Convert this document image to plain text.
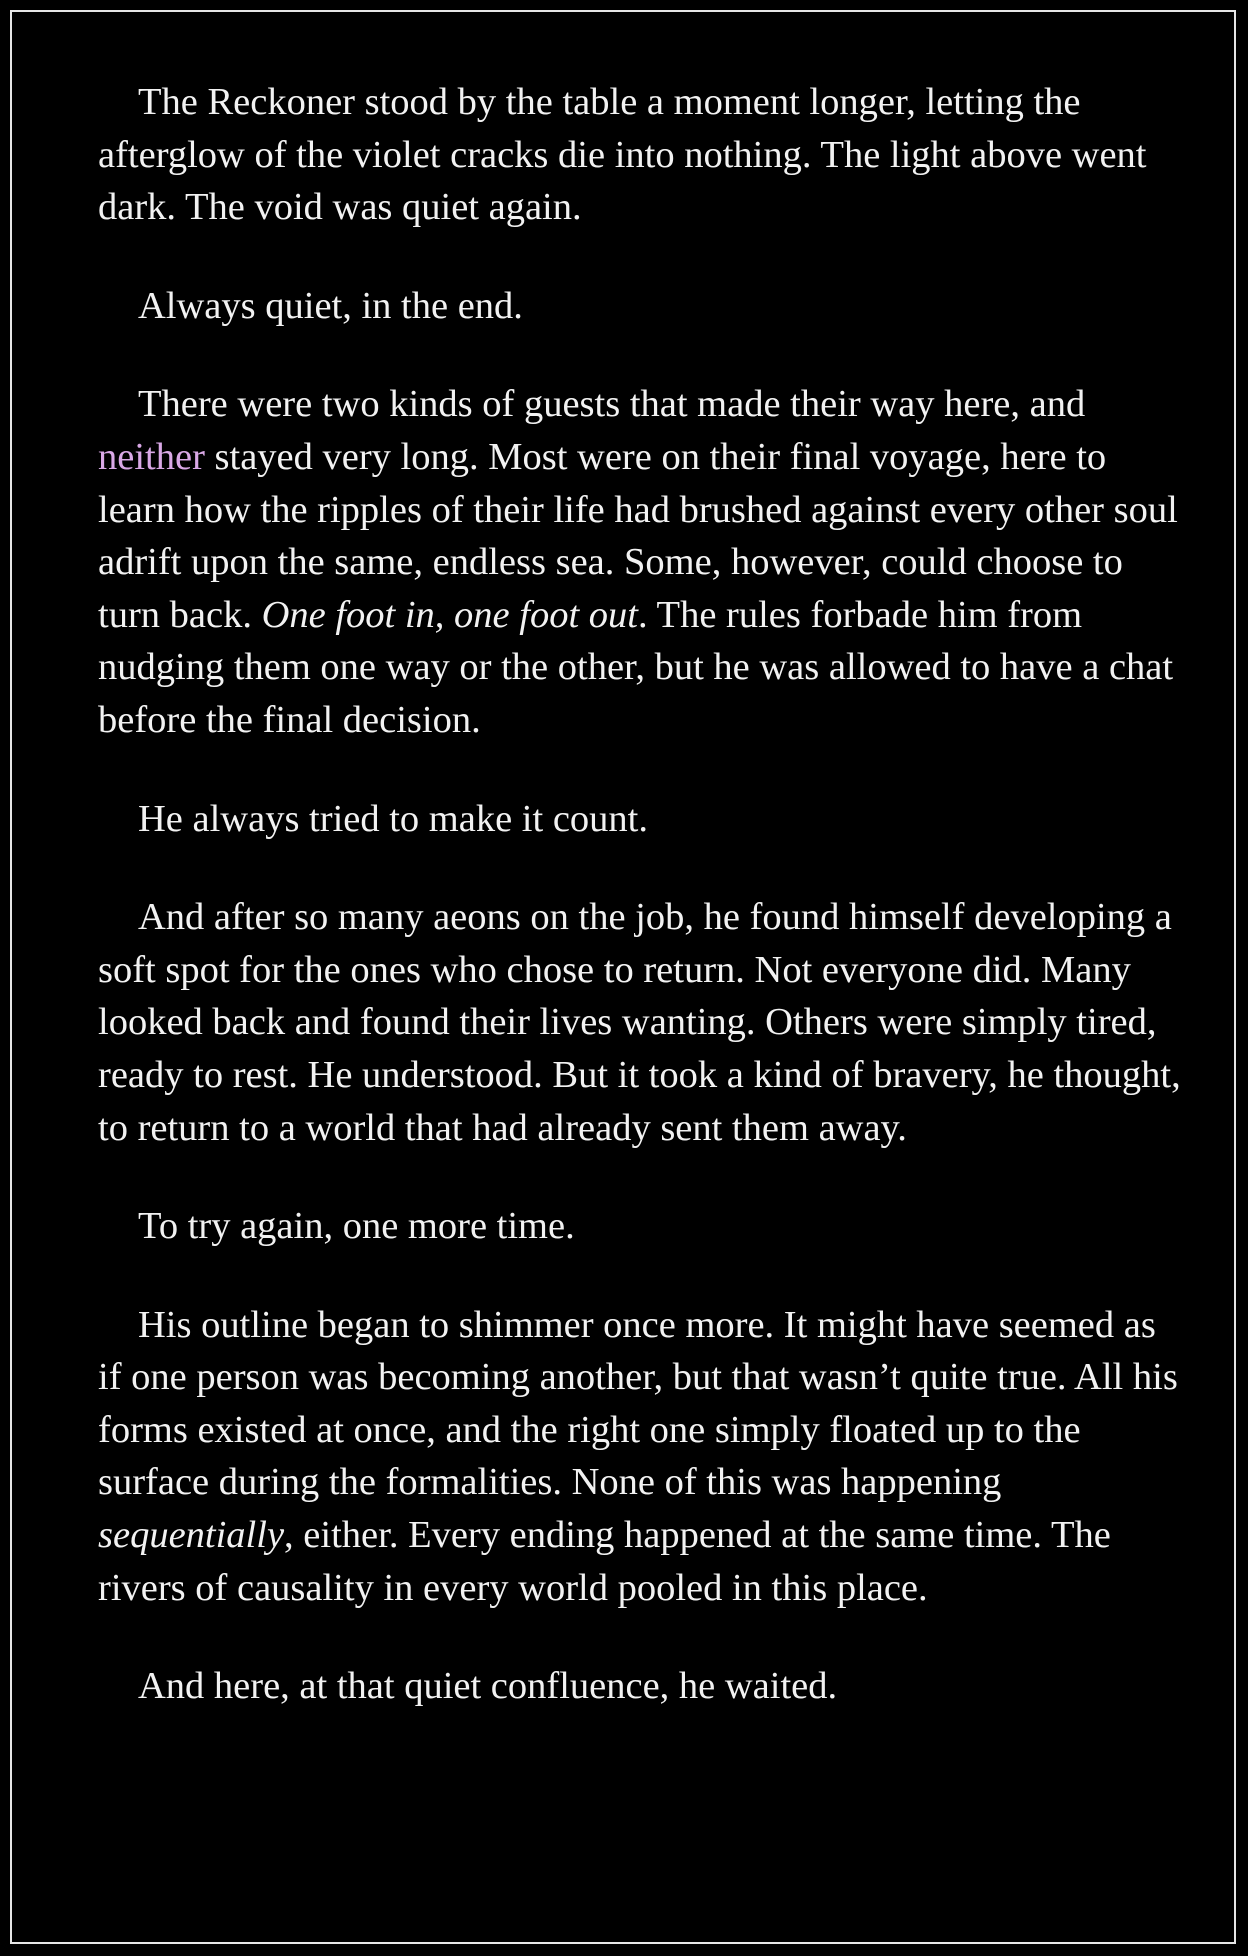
The Reckoner stood by the table a moment longer, letting the afterglow of the violet cracks die into nothing. The light above went dark. The void was quiet again.

Always quiet, in the end.

There were two kinds of guests that made their way here, and neither stayed very long. Most were on their final voyage, here to learn how the ripples of their life had brushed against every other soul adrift upon the same, endless sea. Some, however, could choose to turn back. One foot in, one foot out. The rules forbade him from nudging them one way or the other, but he was allowed to have a chat before the final decision.

He always tried to make it count.

And after so many aeons on the job, he found himself developing a soft spot for the ones who chose to return. Not everyone did. Many looked back and found their lives wanting. Others were simply tired, ready to rest. He understood. But it took a kind of bravery, he thought, to return to a world that had already sent them away.

To try again, one more time.

His outline began to shimmer once more. It might have seemed as if one person was becoming another, but that wasn’t quite true. All his forms existed at once, and the right one simply floated up to the surface during the formalities. None of this was happening sequentially, either. Every ending happened at the same time. The rivers of causality in every world pooled in this place.

And here, at that quiet confluence, he waited.
